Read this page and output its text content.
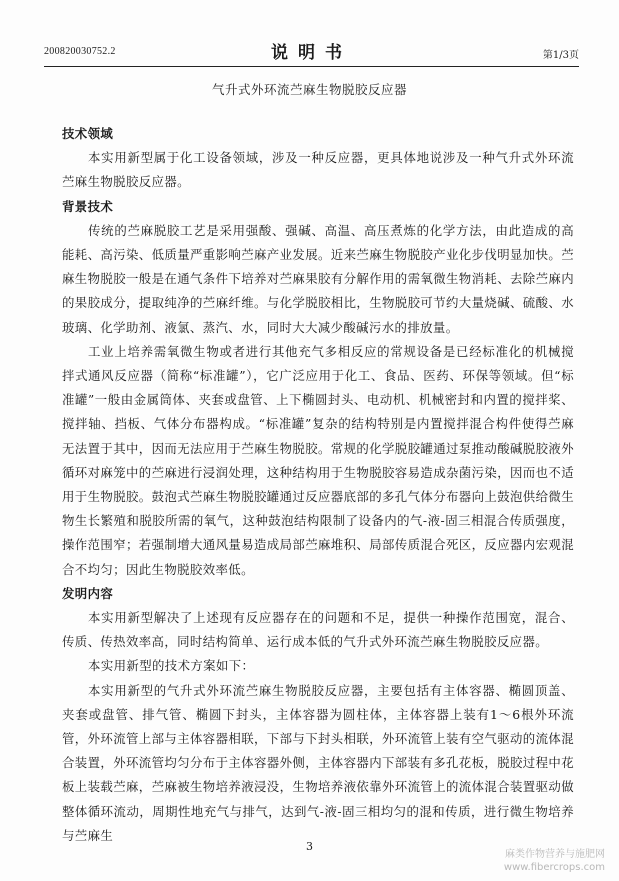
200820030752.2	说明书	第1/3页
气升式外环流苎麻生物脱胶反应器
技术领域

本实用新型属于化工设备领域，涉及一种反应器，更具体地说涉及一种气升式外环流苎麻生物脱胶反应器。

背景技术

传统的苎麻脱胶工艺是采用强酸、强碱、高温、高压煮炼的化学方法，由此造成的高能耗、高污染、低质量严重影响苎麻产业发展。近来苎麻生物脱胶产业化步伐明显加快。苎麻生物脱胶一般是在通气条件下培养对苎麻果胶有分解作用的需氧微生物消耗、去除苎麻内的果胶成分，提取纯净的苎麻纤维。与化学脱胶相比，生物脱胶可节约大量烧碱、硫酸、水玻璃、化学助剂、液氯、蒸汽、水，同时大大减少酸碱污水的排放量。

工业上培养需氧微生物或者进行其他充气多相反应的常规设备是已经标准化的机械搅拌式通风反应器（简称“标准罐”），它广泛应用于化工、食品、医药、环保等领域。但“标准罐”一般由金属筒体、夹套或盘管、上下椭圆封头、电动机、机械密封和内置的搅拌桨、搅拌轴、挡板、气体分布器构成。“标准罐”复杂的结构特别是内置搅拌混合构件使得苎麻无法置于其中，因而无法应用于苎麻生物脱胶。常规的化学脱胶罐通过泵推动酸碱脱胶液外循环对麻笼中的苎麻进行浸润处理，这种结构用于生物脱胶容易造成杂菌污染，因而也不适用于生物脱胶。鼓泡式苎麻生物脱胶罐通过反应器底部的多孔气体分布器向上鼓泡供给微生物生长繁殖和脱胶所需的氧气，这种鼓泡结构限制了设备内的气-液-固三相混合传质强度，操作范围窄；若强制增大通风量易造成局部苎麻堆积、局部传质混合死区，反应器内宏观混合不均匀；因此生物脱胶效率低。

发明内容

本实用新型解决了上述现有反应器存在的问题和不足，提供一种操作范围宽，混合、传质、传热效率高，同时结构简单、运行成本低的气升式外环流苎麻生物脱胶反应器。

本实用新型的技术方案如下：

本实用新型的气升式外环流苎麻生物脱胶反应器，主要包括有主体容器、椭圆顶盖、夹套或盘管、排气管、椭圆下封头，主体容器为圆柱体，主体容器上装有1～6根外环流管，外环流管上部与主体容器相联，下部与下封头相联，外环流管上装有空气驱动的流体混合装置，外环流管均匀分布于主体容器外侧，主体容器内下部装有多孔花板，脱胶过程中花板上装载苎麻，苎麻被生物培养液浸没，生物培养液依靠外环流管上的流体混合装置驱动做整体循环流动，周期性地充气与排气，达到气-液-固三相均匀的混和传质，进行微生物培养与苎麻生

3
麻类作物营养与施肥网
www.fibercrops.com
